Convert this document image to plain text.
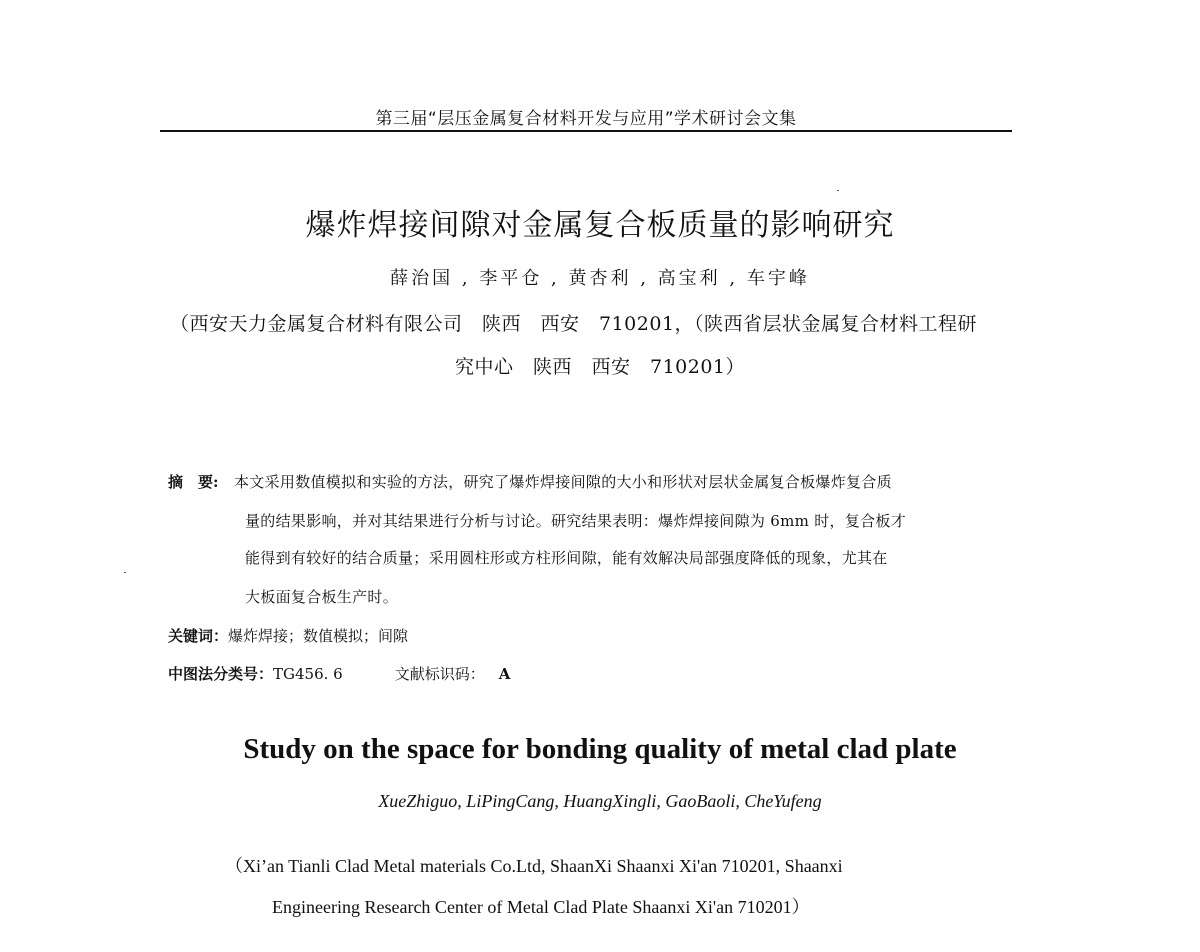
第三届“层压金属复合材料开发与应用”学术研讨会文集
爆炸焊接间隙对金属复合板质量的影响研究
薛治国 , 李平仓 , 黄杏利 , 高宝利 , 车宇峰
（西安天力金属复合材料有限公司　陕西　西安　710201，（陕西省层状金属复合材料工程研
究中心　陕西　西安　710201）
摘　要: 本文采用数值模拟和实验的方法，研究了爆炸焊接间隙的大小和形状对层状金属复合板爆炸复合质
量的结果影响，并对其结果进行分析与讨论。研究结果表明：爆炸焊接间隙为 6mm 时，复合板才
能得到有较好的结合质量；采用圆柱形或方柱形间隙，能有效解决局部强度降低的现象，尤其在
大板面复合板生产时。
关键词：爆炸焊接；数值模拟；间隙
中图法分类号：TG456. 6	文献标识码： A
Study on the space for bonding quality of metal clad plate
XueZhiguo, LiPingCang, HuangXingli, GaoBaoli, CheYufeng
（Xi’an Tianli Clad Metal materials Co.Ltd, ShaanXi Shaanxi Xi'an 710201, Shaanxi
Engineering Research Center of Metal Clad Plate Shaanxi Xi'an 710201）
